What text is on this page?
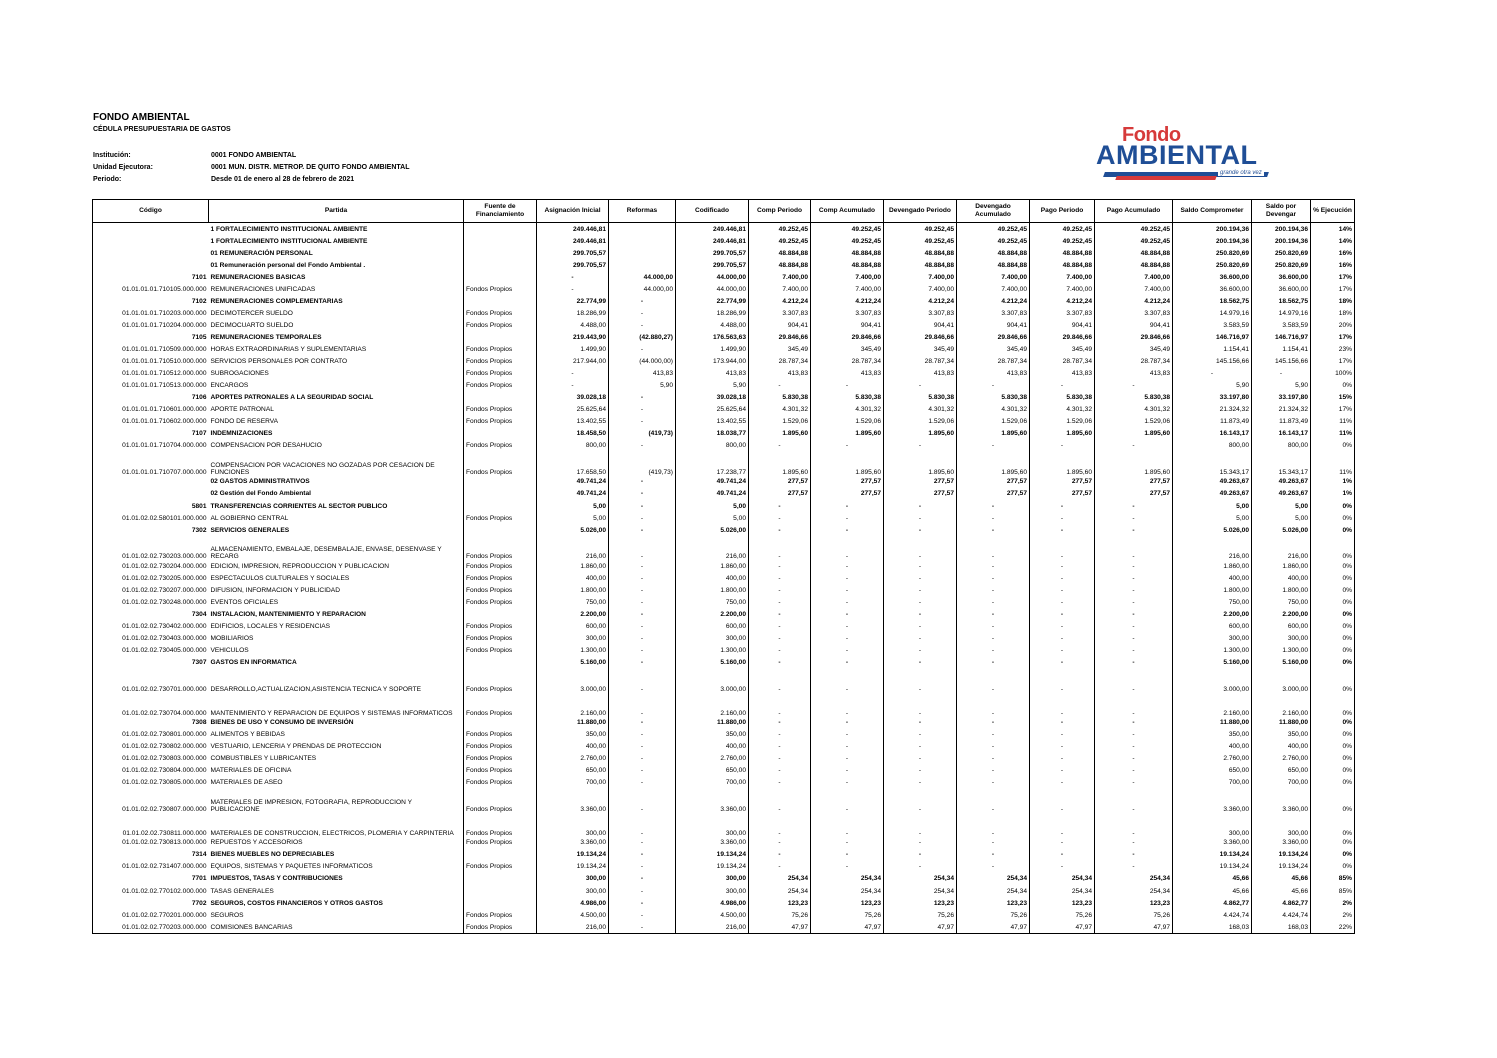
FONDO AMBIENTAL
CÉDULA PRESUPUESTARIA DE GASTOS
Institución:	0001 FONDO AMBIENTAL
Unidad Ejecutora:	0001 MUN. DISTR. METROP. DE QUITO FONDO AMBIENTAL
Periodo:	Desde 01 de enero al 28 de febrero de 2021
Fondo
AMBIENTAL
grande otra vez
Código	Partida	Fuente de Financiamiento	Asignación Inicial	Reformas	Codificado	Comp Periodo	Comp Acumulado	Devengado Periodo	Devengado Acumulado	Pago Periodo	Pago Acumulado	Saldo Comprometer	Saldo por Devengar	% Ejecución
	1 FORTALECIMIENTO INSTITUCIONAL AMBIENTE		249.446,81		249.446,81	49.252,45	49.252,45	49.252,45	49.252,45	49.252,45	49.252,45	200.194,36	200.194,36	14%
	1 FORTALECIMIENTO INSTITUCIONAL AMBIENTE		249.446,81		249.446,81	49.252,45	49.252,45	49.252,45	49.252,45	49.252,45	49.252,45	200.194,36	200.194,36	14%
	01 REMUNERACIÓN PERSONAL		299.705,57		299.705,57	48.884,88	48.884,88	48.884,88	48.884,88	48.884,88	48.884,88	250.820,69	250.820,69	16%
	01 Remuneración personal del Fondo Ambiental .		299.705,57		299.705,57	48.884,88	48.884,88	48.884,88	48.884,88	48.884,88	48.884,88	250.820,69	250.820,69	16%
7101	REMUNERACIONES BASICAS		-	44.000,00	44.000,00	7.400,00	7.400,00	7.400,00	7.400,00	7.400,00	7.400,00	36.600,00	36.600,00	17%
01.01.01.01.710105.000.000	REMUNERACIONES UNIFICADAS	Fondos Propios	-	44.000,00	44.000,00	7.400,00	7.400,00	7.400,00	7.400,00	7.400,00	7.400,00	36.600,00	36.600,00	17%
7102	REMUNERACIONES COMPLEMENTARIAS		22.774,99	-	22.774,99	4.212,24	4.212,24	4.212,24	4.212,24	4.212,24	4.212,24	18.562,75	18.562,75	18%
01.01.01.01.710203.000.000	DECIMOTERCER SUELDO	Fondos Propios	18.286,99	-	18.286,99	3.307,83	3.307,83	3.307,83	3.307,83	3.307,83	3.307,83	14.979,16	14.979,16	18%
01.01.01.01.710204.000.000	DECIMOCUARTO SUELDO	Fondos Propios	4.488,00	-	4.488,00	904,41	904,41	904,41	904,41	904,41	904,41	3.583,59	3.583,59	20%
7105	REMUNERACIONES TEMPORALES		219.443,90	(42.880,27)	176.563,63	29.846,66	29.846,66	29.846,66	29.846,66	29.846,66	29.846,66	146.716,97	146.716,97	17%
01.01.01.01.710509.000.000	HORAS EXTRAORDINARIAS Y SUPLEMENTARIAS	Fondos Propios	1.499,90	-	1.499,90	345,49	345,49	345,49	345,49	345,49	345,49	1.154,41	1.154,41	23%
01.01.01.01.710510.000.000	SERVICIOS PERSONALES POR CONTRATO	Fondos Propios	217.944,00	(44.000,00)	173.944,00	28.787,34	28.787,34	28.787,34	28.787,34	28.787,34	28.787,34	145.156,66	145.156,66	17%
01.01.01.01.710512.000.000	SUBROGACIONES	Fondos Propios	-	413,83	413,83	413,83	413,83	413,83	413,83	413,83	413,83	-	-	100%
01.01.01.01.710513.000.000	ENCARGOS	Fondos Propios	-	5,90	5,90	-	-	-	-	-	-	5,90	5,90	0%
7106	APORTES PATRONALES A LA SEGURIDAD SOCIAL		39.028,18	-	39.028,18	5.830,38	5.830,38	5.830,38	5.830,38	5.830,38	5.830,38	33.197,80	33.197,80	15%
01.01.01.01.710601.000.000	APORTE PATRONAL	Fondos Propios	25.625,64	-	25.625,64	4.301,32	4.301,32	4.301,32	4.301,32	4.301,32	4.301,32	21.324,32	21.324,32	17%
01.01.01.01.710602.000.000	FONDO DE RESERVA	Fondos Propios	13.402,55	-	13.402,55	1.529,06	1.529,06	1.529,06	1.529,06	1.529,06	1.529,06	11.873,49	11.873,49	11%
7107	INDEMNIZACIONES		18.458,50	(419,73)	18.038,77	1.895,60	1.895,60	1.895,60	1.895,60	1.895,60	1.895,60	16.143,17	16.143,17	11%
01.01.01.01.710704.000.000	COMPENSACION POR DESAHUCIO	Fondos Propios	800,00	-	800,00	-	-	-	-	-	-	800,00	800,00	0%
01.01.01.01.710707.000.000	COMPENSACION POR VACACIONES NO GOZADAS POR CESACION DE FUNCIONES	Fondos Propios	17.658,50	(419,73)	17.238,77	1.895,60	1.895,60	1.895,60	1.895,60	1.895,60	1.895,60	15.343,17	15.343,17	11%
	02 GASTOS ADMINISTRATIVOS		49.741,24	-	49.741,24	277,57	277,57	277,57	277,57	277,57	277,57	49.263,67	49.263,67	1%
	02 Gestión del Fondo Ambiental		49.741,24	-	49.741,24	277,57	277,57	277,57	277,57	277,57	277,57	49.263,67	49.263,67	1%
5801	TRANSFERENCIAS CORRIENTES AL SECTOR PUBLICO		5,00	-	5,00	-	-	-	-	-	-	5,00	5,00	0%
01.01.02.02.580101.000.000	AL GOBIERNO CENTRAL	Fondos Propios	5,00	-	5,00	-	-	-	-	-	-	5,00	5,00	0%
7302	SERVICIOS GENERALES		5.026,00	-	5.026,00	-	-	-	-	-	-	5.026,00	5.026,00	0%
01.01.02.02.730203.000.000	ALMACENAMIENTO, EMBALAJE, DESEMBALAJE, ENVASE, DESENVASE Y RECARG	Fondos Propios	216,00	-	216,00	-	-	-	-	-	-	216,00	216,00	0%
01.01.02.02.730204.000.000	EDICION, IMPRESION, REPRODUCCION Y PUBLICACION	Fondos Propios	1.860,00	-	1.860,00	-	-	-	-	-	-	1.860,00	1.860,00	0%
01.01.02.02.730205.000.000	ESPECTACULOS CULTURALES Y SOCIALES	Fondos Propios	400,00	-	400,00	-	-	-	-	-	-	400,00	400,00	0%
01.01.02.02.730207.000.000	DIFUSION, INFORMACION Y PUBLICIDAD	Fondos Propios	1.800,00	-	1.800,00	-	-	-	-	-	-	1.800,00	1.800,00	0%
01.01.02.02.730248.000.000	EVENTOS OFICIALES	Fondos Propios	750,00	-	750,00	-	-	-	-	-	-	750,00	750,00	0%
7304	INSTALACION, MANTENIMIENTO Y REPARACION		2.200,00	-	2.200,00	-	-	-	-	-	-	2.200,00	2.200,00	0%
01.01.02.02.730402.000.000	EDIFICIOS, LOCALES Y RESIDENCIAS	Fondos Propios	600,00	-	600,00	-	-	-	-	-	-	600,00	600,00	0%
01.01.02.02.730403.000.000	MOBILIARIOS	Fondos Propios	300,00	-	300,00	-	-	-	-	-	-	300,00	300,00	0%
01.01.02.02.730405.000.000	VEHICULOS	Fondos Propios	1.300,00	-	1.300,00	-	-	-	-	-	-	1.300,00	1.300,00	0%
7307	GASTOS EN INFORMATICA		5.160,00	-	5.160,00	-	-	-	-	-	-	5.160,00	5.160,00	0%
01.01.02.02.730701.000.000	DESARROLLO,ACTUALIZACION,ASISTENCIA TECNICA Y SOPORTE	Fondos Propios	3.000,00	-	3.000,00	-	-	-	-	-	-	3.000,00	3.000,00	0%
01.01.02.02.730704.000.000	MANTENIMIENTO Y REPARACION DE EQUIPOS Y SISTEMAS INFORMATICOS	Fondos Propios	2.160,00	-	2.160,00	-	-	-	-	-	-	2.160,00	2.160,00	0%
7308	BIENES DE USO Y CONSUMO DE INVERSIÓN		11.880,00	-	11.880,00	-	-	-	-	-	-	11.880,00	11.880,00	0%
01.01.02.02.730801.000.000	ALIMENTOS Y BEBIDAS	Fondos Propios	350,00	-	350,00	-	-	-	-	-	-	350,00	350,00	0%
01.01.02.02.730802.000.000	VESTUARIO, LENCERIA Y PRENDAS DE PROTECCION	Fondos Propios	400,00	-	400,00	-	-	-	-	-	-	400,00	400,00	0%
01.01.02.02.730803.000.000	COMBUSTIBLES Y LUBRICANTES	Fondos Propios	2.760,00	-	2.760,00	-	-	-	-	-	-	2.760,00	2.760,00	0%
01.01.02.02.730804.000.000	MATERIALES DE OFICINA	Fondos Propios	650,00	-	650,00	-	-	-	-	-	-	650,00	650,00	0%
01.01.02.02.730805.000.000	MATERIALES DE ASEO	Fondos Propios	700,00	-	700,00	-	-	-	-	-	-	700,00	700,00	0%
01.01.02.02.730807.000.000	MATERIALES DE IMPRESION, FOTOGRAFIA, REPRODUCCION Y PUBLICACIONE	Fondos Propios	3.360,00	-	3.360,00	-	-	-	-	-	-	3.360,00	3.360,00	0%
01.01.02.02.730811.000.000	MATERIALES DE CONSTRUCCION, ELECTRICOS, PLOMERIA Y CARPINTERIA	Fondos Propios	300,00	-	300,00	-	-	-	-	-	-	300,00	300,00	0%
01.01.02.02.730813.000.000	REPUESTOS Y ACCESORIOS	Fondos Propios	3.360,00	-	3.360,00	-	-	-	-	-	-	3.360,00	3.360,00	0%
7314	BIENES MUEBLES NO DEPRECIABLES		19.134,24	-	19.134,24	-	-	-	-	-	-	19.134,24	19.134,24	0%
01.01.02.02.731407.000.000	EQUIPOS, SISTEMAS Y PAQUETES INFORMATICOS	Fondos Propios	19.134,24	-	19.134,24	-	-	-	-	-	-	19.134,24	19.134,24	0%
7701	IMPUESTOS, TASAS Y CONTRIBUCIONES		300,00	-	300,00	254,34	254,34	254,34	254,34	254,34	254,34	45,66	45,66	85%
01.01.02.02.770102.000.000	TASAS GENERALES		300,00	-	300,00	254,34	254,34	254,34	254,34	254,34	254,34	45,66	45,66	85%
7702	SEGUROS, COSTOS FINANCIEROS Y OTROS GASTOS		4.986,00	-	4.986,00	123,23	123,23	123,23	123,23	123,23	123,23	4.862,77	4.862,77	2%
01.01.02.02.770201.000.000	SEGUROS	Fondos Propios	4.500,00	-	4.500,00	75,26	75,26	75,26	75,26	75,26	75,26	4.424,74	4.424,74	2%
01.01.02.02.770203.000.000	COMISIONES BANCARIAS	Fondos Propios	216,00	-	216,00	47,97	47,97	47,97	47,97	47,97	47,97	168,03	168,03	22%
